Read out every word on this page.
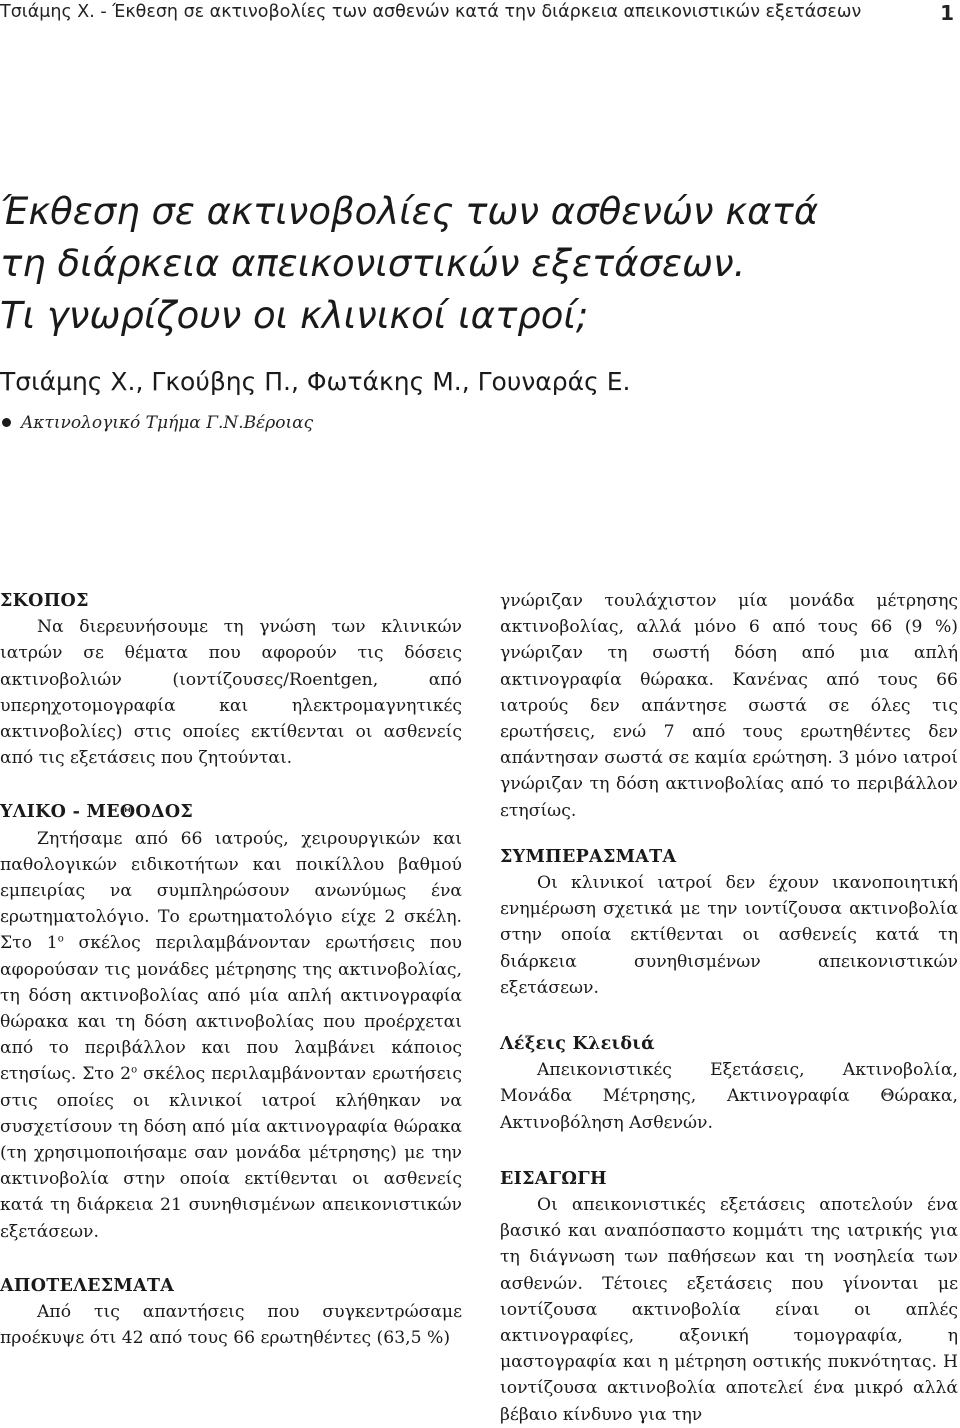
Τσιάμης Χ. - Έκθεση σε ακτινοβολίες των ασθενών κατά την διάρκεια απεικονιστικών εξετάσεων	1
Έκθεση σε ακτινοβολίες των ασθενών κατά
τη διάρκεια απεικονιστικών εξετάσεων.
Τι γνωρίζουν οι κλινικοί ιατροί;
Τσιάμης Χ., Γκούβης Π., Φωτάκης Μ., Γουναράς Ε.
Ακτινολογικό Τμήμα Γ.Ν.Βέροιας
ΣΚΟΠΟΣ

Να διερευνήσουμε τη γνώση των κλινικών ιατρών σε θέματα που αφορούν τις δόσεις ακτινοβολιών (ιοντίζουσες/Roentgen, από υπερηχοτομογραφία και ηλεκτρομαγνητικές ακτινοβολίες) στις οποίες εκτίθενται οι ασθενείς από τις εξετάσεις που ζητούνται.

ΥΛΙΚΟ - ΜΕΘΟΔΟΣ

Ζητήσαμε από 66 ιατρούς, χειρουργικών και παθολογικών ειδικοτήτων και ποικίλλου βαθμού εμπειρίας να συμπληρώσουν ανωνύμως ένα ερωτηματολόγιο. Το ερωτηματολόγιο είχε 2 σκέλη. Στο $1^o$ σκέλος περιλαμβάνονταν ερωτήσεις που αφορούσαν τις μονάδες μέτρησης της ακτινοβολίας, τη δόση ακτινοβολίας από μία απλή ακτινογραφία θώρακα και τη δόση ακτινοβολίας που προέρχεται από το περιβάλλον και που λαμβάνει κάποιος ετησίως. Στο $2^o$ σκέλος περιλαμβάνονταν ερωτήσεις στις οποίες οι κλινικοί ιατροί κλήθηκαν να συσχετίσουν τη δόση από μία ακτινογραφία θώρακα (τη χρησιμοποιήσαμε σαν μονάδα μέτρησης) με την ακτινοβολία στην οποία εκτίθενται οι ασθενείς κατά τη διάρκεια 21 συνηθισμένων απεικονιστικών εξετάσεων.

ΑΠΟΤΕΛΕΣΜΑΤΑ

Από τις απαντήσεις που συγκεντρώσαμε προέκυψε ότι 42 από τους 66 ερωτηθέντες (63,5 %)

γνώριζαν τουλάχιστον μία μονάδα μέτρησης ακτινοβολίας, αλλά μόνο 6 από τους 66 (9 %) γνώριζαν τη σωστή δόση από μια απλή ακτινογραφία θώρακα. Κανένας από τους 66 ιατρούς δεν απάντησε σωστά σε όλες τις ερωτήσεις, ενώ 7 από τους ερωτηθέντες δεν απάντησαν σωστά σε καμία ερώτηση. 3 μόνο ιατροί γνώριζαν τη δόση ακτινοβολίας από το περιβάλλον ετησίως.

ΣΥΜΠΕΡΑΣΜΑΤΑ

Οι κλινικοί ιατροί δεν έχουν ικανοποιητική ενημέρωση σχετικά με την ιοντίζουσα ακτινοβολία στην οποία εκτίθενται οι ασθενείς κατά τη διάρκεια συνηθισμένων απεικονιστικών εξετάσεων.

Λέξεις Κλειδιά

Απεικονιστικές Εξετάσεις, Ακτινοβολία, Μονάδα Μέτρησης, Ακτινογραφία Θώρακα, Ακτινοβόληση Ασθενών.

ΕΙΣΑΓΩΓΗ

Οι απεικονιστικές εξετάσεις αποτελούν ένα βασικό και αναπόσπαστο κομμάτι της ιατρικής για τη διάγνωση των παθήσεων και τη νοσηλεία των ασθενών. Τέτοιες εξετάσεις που γίνονται με ιοντίζουσα ακτινοβολία είναι οι απλές ακτινογραφίες, αξονική τομογραφία, η μαστογραφία και η μέτρηση οστικής πυκνότητας. Η ιοντίζουσα ακτινοβολία αποτελεί ένα μικρό αλλά βέβαιο κίνδυνο για την
